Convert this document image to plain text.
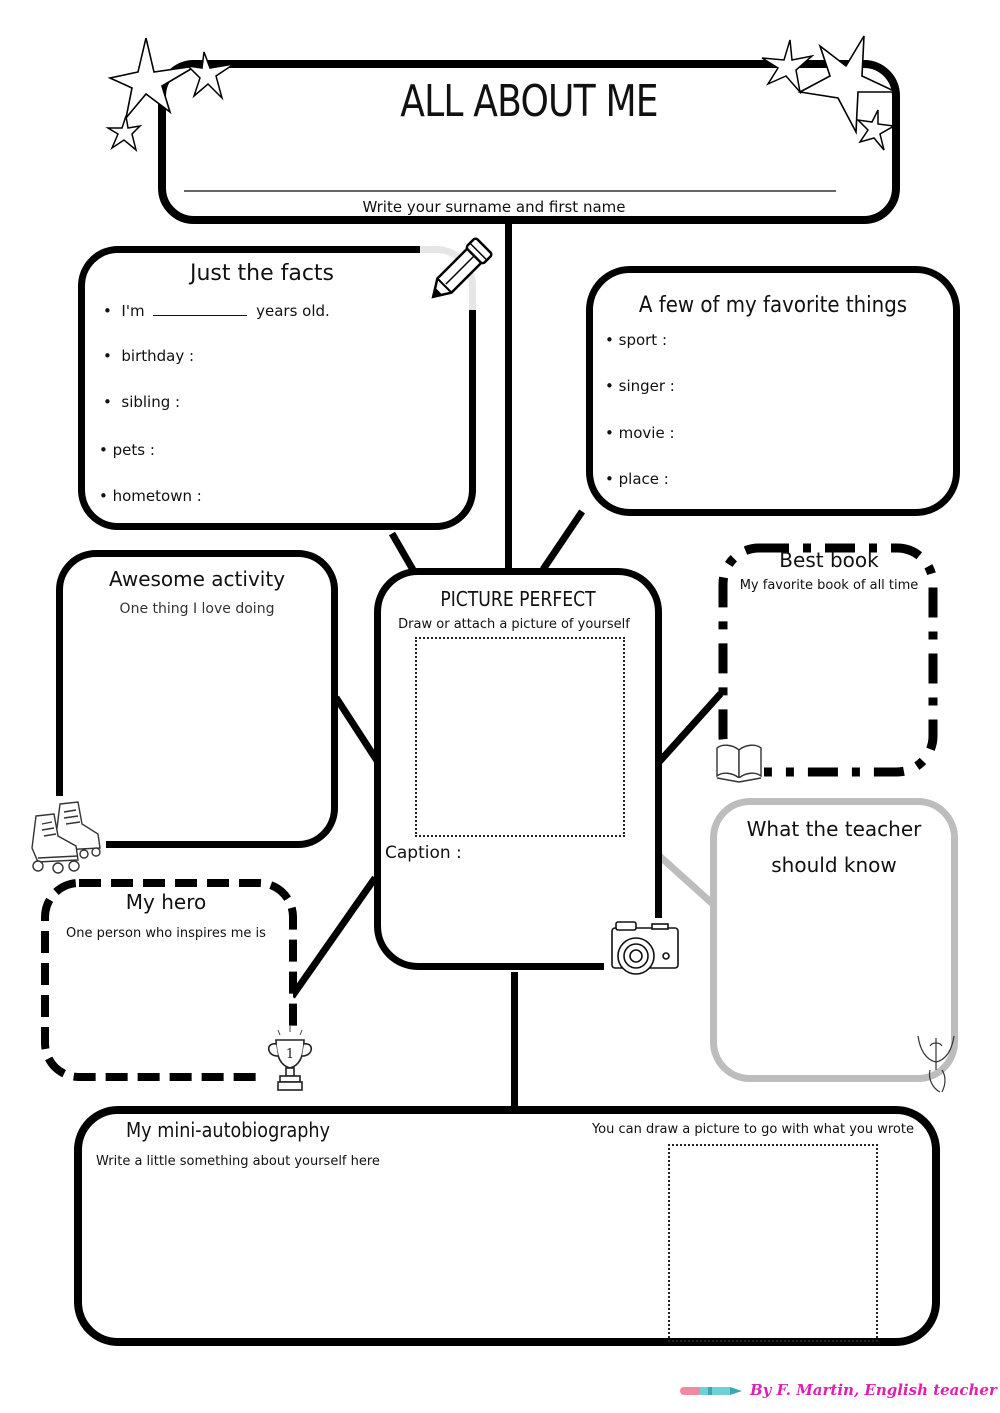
ALL ABOUT ME
Write your surname and first name
Just the facts
•  I'm	years old.
•  birthday :
•  sibling :
• pets :
• hometown :
A few of my favorite things
• sport :
• singer :
• movie :
• place :
Awesome activity
One thing I love doing	PICTURE PERFECT
Draw or attach a picture of yourself
Caption :
Best book
My favorite book of all time
What the teacher
should know
My hero
One person who inspires me is
1
My mini-autobiography
Write a little something about yourself here
You can draw a picture to go with what you wrote
By F. Martin, English teacher
